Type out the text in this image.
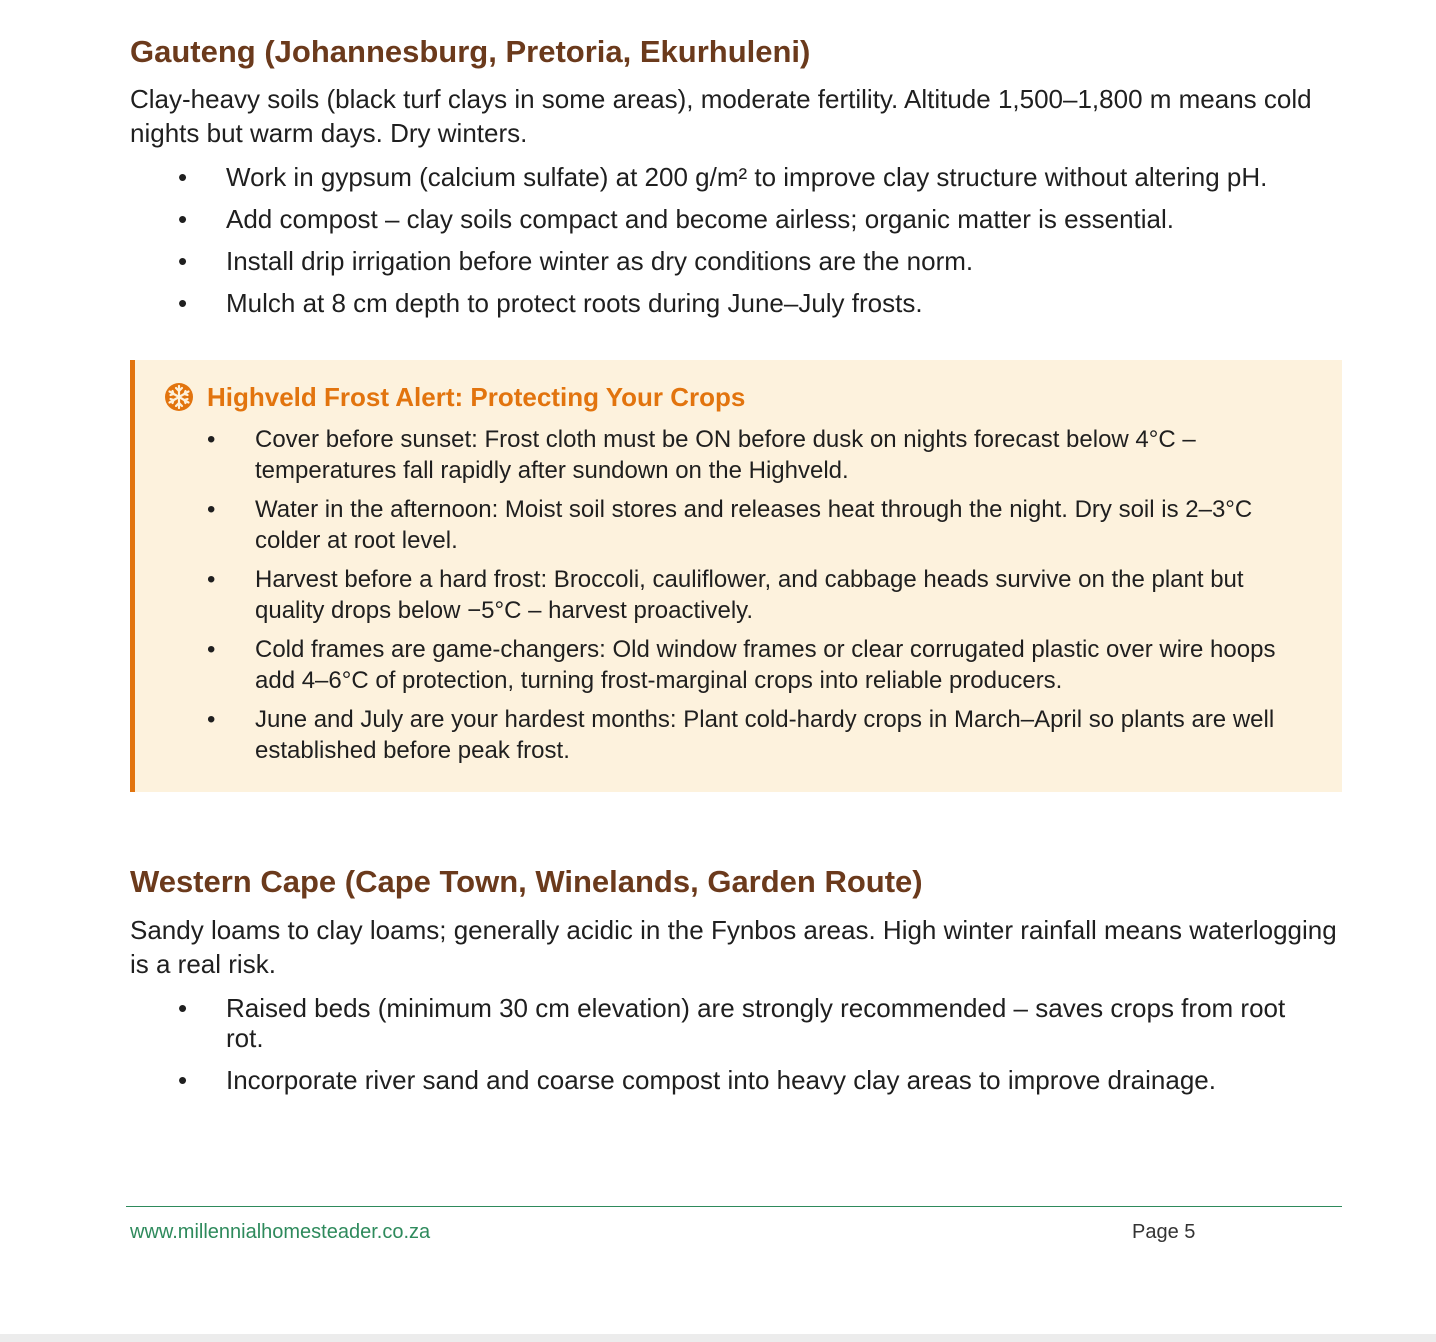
Gauteng (Johannesburg, Pretoria, Ekurhuleni)

Clay-heavy soils (black turf clays in some areas), moderate fertility. Altitude 1,500–1,800 m means cold nights but warm days. Dry winters.

• Work in gypsum (calcium sulfate) at 200 g/m² to improve clay structure without altering pH.
• Add compost – clay soils compact and become airless; organic matter is essential.
• Install drip irrigation before winter as dry conditions are the norm.
• Mulch at 8 cm depth to protect roots during June–July frosts.
Highveld Frost Alert: Protecting Your Crops
• Cover before sunset: Frost cloth must be ON before dusk on nights forecast below 4°C – temperatures fall rapidly after sundown on the Highveld.
• Water in the afternoon: Moist soil stores and releases heat through the night. Dry soil is 2–3°C colder at root level.
• Harvest before a hard frost: Broccoli, cauliflower, and cabbage heads survive on the plant but quality drops below −5°C – harvest proactively.
• Cold frames are game-changers: Old window frames or clear corrugated plastic over wire hoops add 4–6°C of protection, turning frost-marginal crops into reliable producers.
• June and July are your hardest months: Plant cold-hardy crops in March–April so plants are well established before peak frost.
Western Cape (Cape Town, Winelands, Garden Route)

Sandy loams to clay loams; generally acidic in the Fynbos areas. High winter rainfall means waterlogging is a real risk.

• Raised beds (minimum 30 cm elevation) are strongly recommended – saves crops from root rot.
• Incorporate river sand and coarse compost into heavy clay areas to improve drainage.
www.millennialhomesteader.co.za	Page 5
